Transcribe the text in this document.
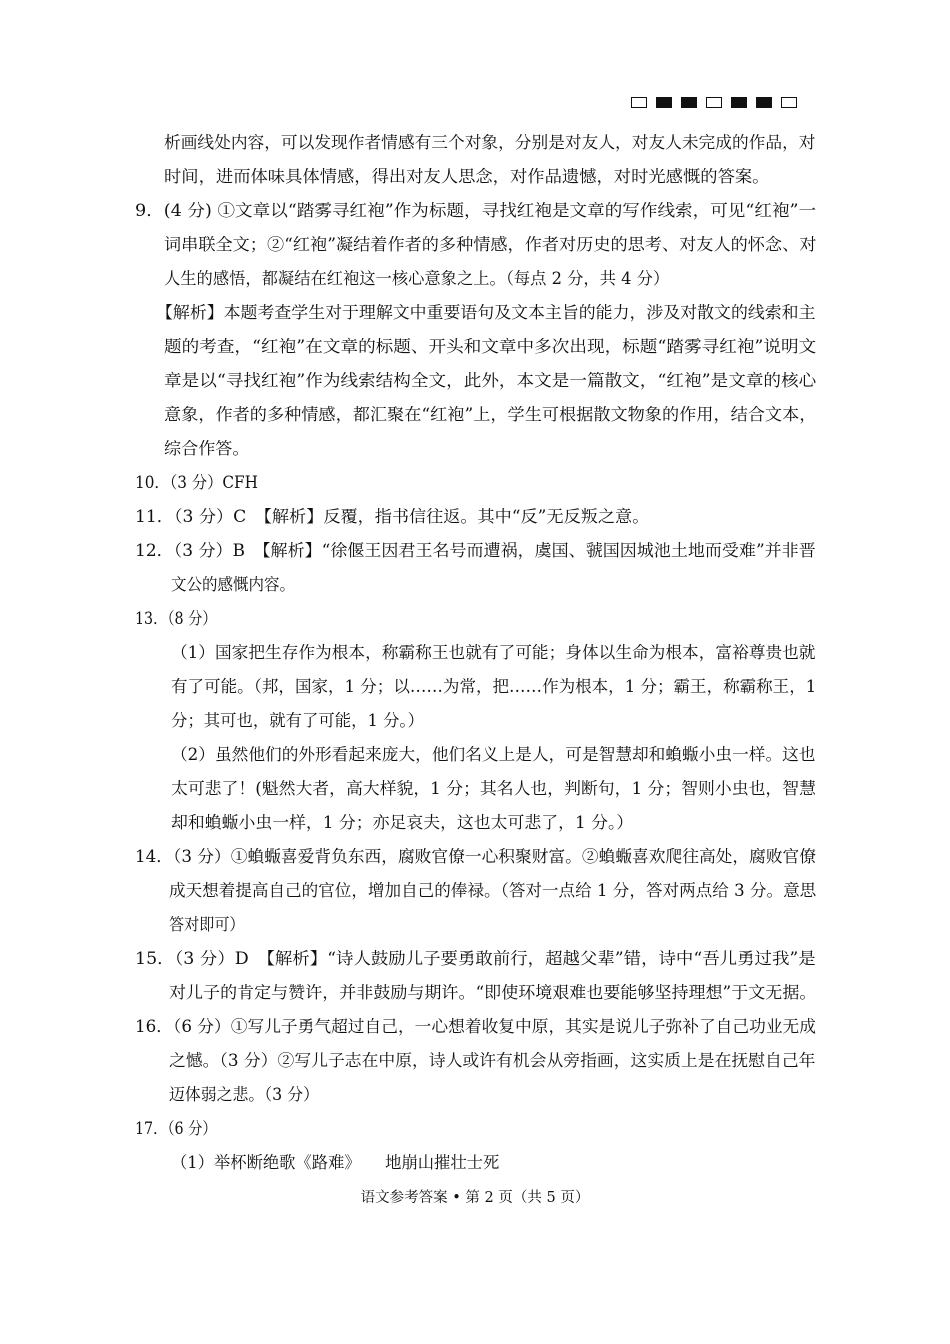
析画线处内容，可以发现作者情感有三个对象，分别是对友人，对友人未完成的作品，对
时间，进而体味具体情感，得出对友人思念，对作品遗憾，对时光感慨的答案。
9．(4 分) ①文章以“踏雾寻红袍”作为标题，寻找红袍是文章的写作线索，可见“红袍”一
词串联全文；②“红袍”凝结着作者的多种情感，作者对历史的思考、对友人的怀念、对
人生的感悟，都凝结在红袍这一核心意象之上。（每点 2 分，共 4 分）
【解析】本题考查学生对于理解文中重要语句及文本主旨的能力，涉及对散文的线索和主
题的考查，“红袍”在文章的标题、开头和文章中多次出现，标题“踏雾寻红袍”说明文
章是以“寻找红袍”作为线索结构全文，此外，本文是一篇散文，“红袍”是文章的核心
意象，作者的多种情感，都汇聚在“红袍”上，学生可根据散文物象的作用，结合文本，
综合作答。
10．（3 分）CFH
11．（3 分）C　【解析】反覆，指书信往返。其中“反”无反叛之意。
12．（3 分）B　【解析】“徐偃王因君王名号而遭祸，虞国、虢国因城池土地而受难”并非晋
文公的感慨内容。
13．（8 分）
（1）国家把生存作为根本，称霸称王也就有了可能；身体以生命为根本，富裕尊贵也就
有了可能。（邦，国家，1 分；以……为常，把……作为根本，1 分；霸王，称霸称王，1
分；其可也，就有了可能，1 分。）
（2）虽然他们的外形看起来庞大，他们名义上是人，可是智慧却和蝜蝂小虫一样。这也
太可悲了！(魁然大者，高大样貌，1 分；其名人也，判断句，1 分；智则小虫也，智慧
却和蝜蝂小虫一样，1 分；亦足哀夫，这也太可悲了，1 分。）
14．（3 分）①蝜蝂喜爱背负东西，腐败官僚一心积聚财富。②蝜蝂喜欢爬往高处，腐败官僚
成天想着提高自己的官位，增加自己的俸禄。（答对一点给 1 分，答对两点给 3 分。意思
答对即可）
15．（3 分）D　【解析】“诗人鼓励儿子要勇敢前行，超越父辈”错，诗中“吾儿勇过我”是
对儿子的肯定与赞许，并非鼓励与期许。“即使环境艰难也要能够坚持理想”于文无据。
16．（6 分）①写儿子勇气超过自己，一心想着收复中原，其实是说儿子弥补了自己功业无成
之憾。（3 分）②写儿子志在中原，诗人或许有机会从旁指画，这实质上是在抚慰自己年
迈体弱之悲。（3 分）
17．（6 分）
（1）举杯断绝歌《路难》　　地崩山摧壮士死
语文参考答案 • 第 2 页（共 5 页）
